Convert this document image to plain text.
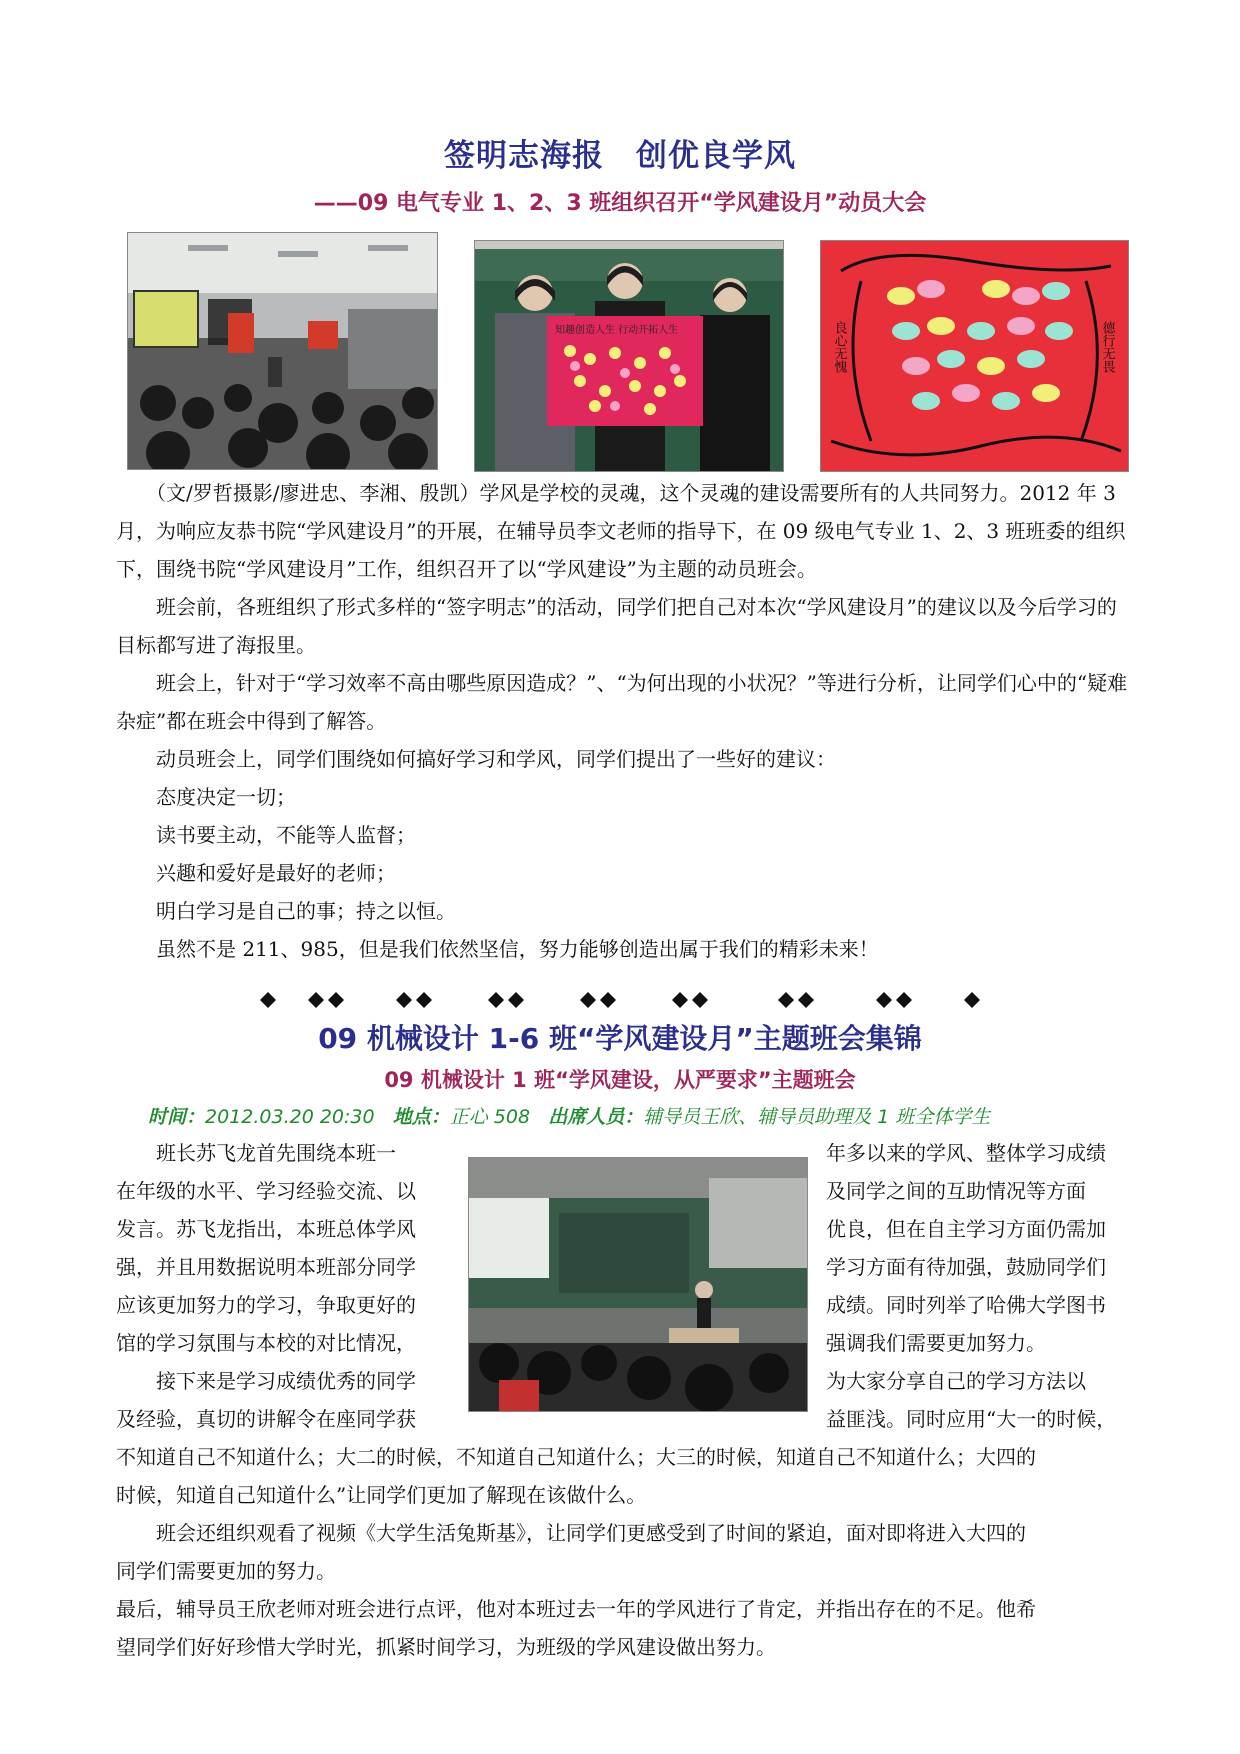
签明志海报　创优良学风
——09 电气专业 1、2、3 班组织召开“学风建设月”动员大会
知趣创造人生 行动开拓人生	良心无愧	德行无畏

　　（文/罗哲摄影/廖进忠、李湘、殷凯）学风是学校的灵魂，这个灵魂的建设需要所有的人共同努力。2012 年 3 月，为响应友恭书院“学风建设月”的开展，在辅导员李文老师的指导下，在 09 级电气专业 1、2、3 班班委的组织下，围绕书院“学风建设月”工作，组织召开了以“学风建设”为主题的动员班会。

　　班会前，各班组织了形式多样的“签字明志”的活动，同学们把自己对本次“学风建设月”的建议以及今后学习的目标都写进了海报里。

　　班会上，针对于“学习效率不高由哪些原因造成？”、“为何出现的小状况？”等进行分析，让同学们心中的“疑难杂症”都在班会中得到了解答。

　　动员班会上，同学们围绕如何搞好学习和学风，同学们提出了一些好的建议：

　　态度决定一切；

　　读书要主动，不能等人监督；

　　兴趣和爱好是最好的老师；

　　明白学习是自己的事；持之以恒。

　　虽然不是 211、985，但是我们依然坚信，努力能够创造出属于我们的精彩未来！

09 机械设计 1-6 班“学风建设月”主题班会集锦
09 机械设计 1 班“学风建设，从严要求”主题班会
时间：2012.03.20 20:30 地点：正心 508 出席人员：辅导员王欣、辅导员助理及 1 班全体学生

　　班长苏飞龙首先围绕本班一

在年级的水平、学习经验交流、以

发言。苏飞龙指出，本班总体学风

强，并且用数据说明本班部分同学

应该更加努力的学习，争取更好的

馆的学习氛围与本校的对比情况，

　　接下来是学习成绩优秀的同学

及经验，真切的讲解令在座同学获

年多以来的学风、整体学习成绩

及同学之间的互助情况等方面

优良，但在自主学习方面仍需加

学习方面有待加强，鼓励同学们

成绩。同时列举了哈佛大学图书

强调我们需要更加努力。

为大家分享自己的学习方法以

益匪浅。同时应用“大一的时候，

不知道自己不知道什么；大二的时候，不知道自己知道什么；大三的时候，知道自己不知道什么；大四的

时候，知道自己知道什么”让同学们更加了解现在该做什么。

　　班会还组织观看了视频《大学生活兔斯基》，让同学们更感受到了时间的紧迫，面对即将进入大四的

同学们需要更加的努力。

最后，辅导员王欣老师对班会进行点评，他对本班过去一年的学风进行了肯定，并指出存在的不足。他希

望同学们好好珍惜大学时光，抓紧时间学习，为班级的学风建设做出努力。
